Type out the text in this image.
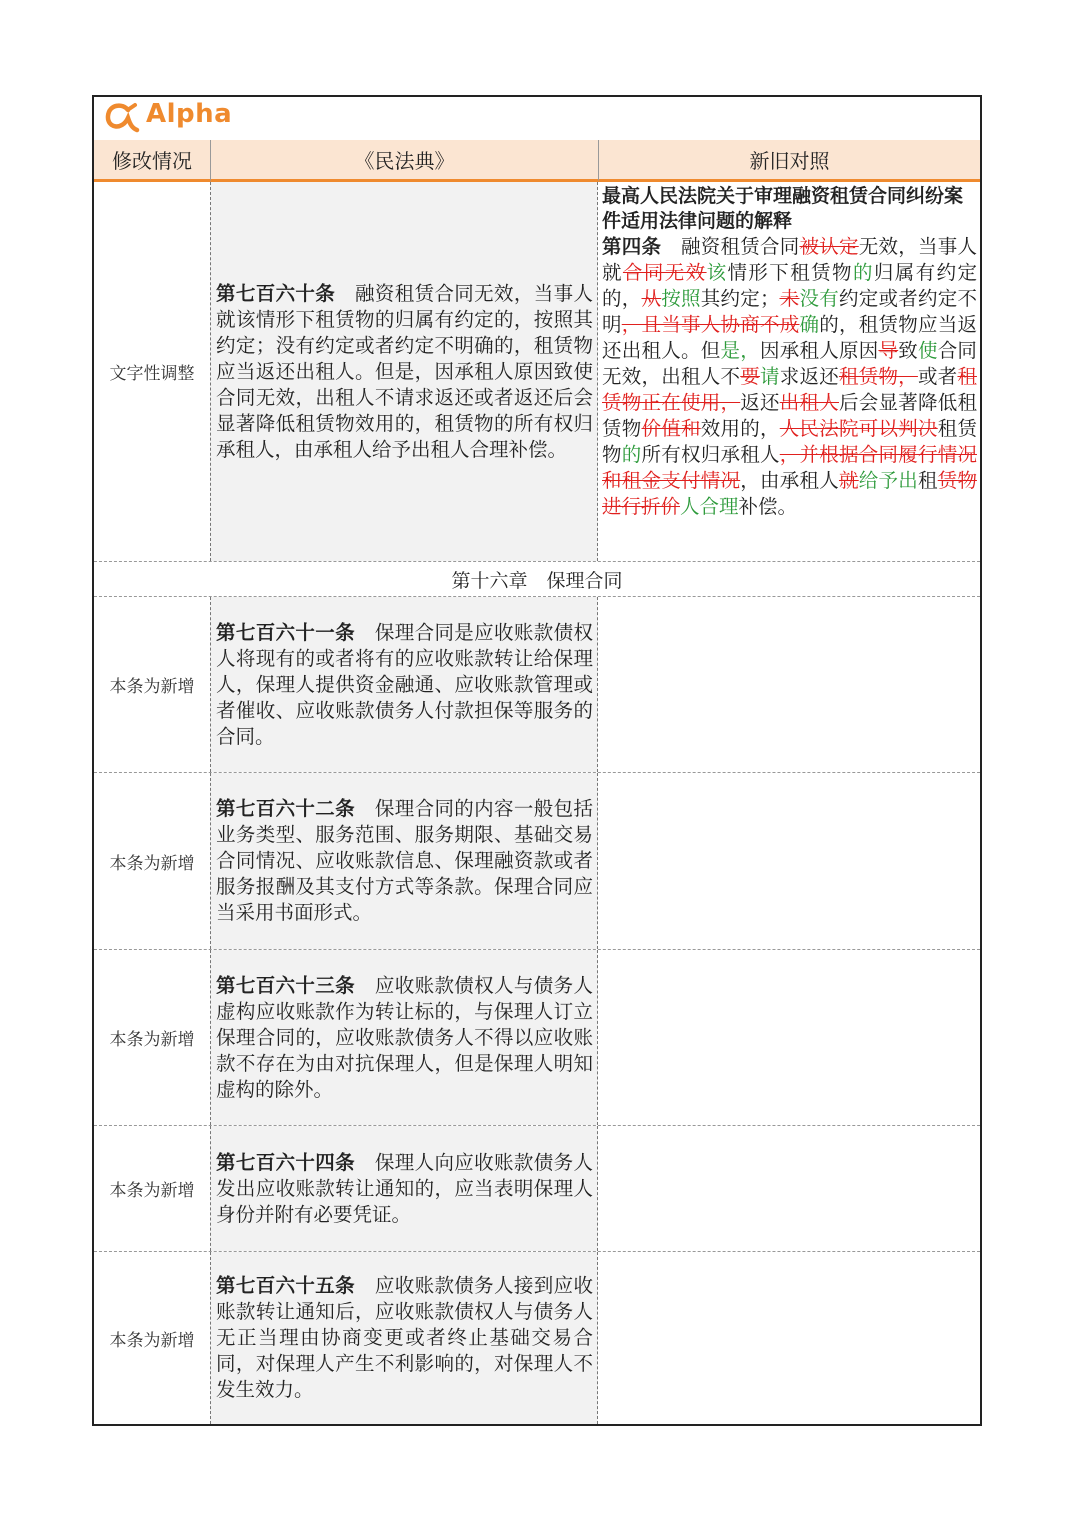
Alpha
修改情况	《民法典》	新旧对照
文字性调整
第七百六十条　 融资租赁合同无效，当事人就该情形下租赁物的归属有约定的，按照其约定；没有约定或者约定不明确的，租赁物应当返还出租人。但是，因承租人原因致使合同无效，出租人不请求返还或者返还后会显著降低租赁物效用的，租赁物的所有权归承租人，由承租人给予出租人合理补偿。
最高人民法院关于审理融资租赁合同纠纷案件适用法律问题的解释
第四条　融资租赁合同被认定无效，当事人就合同无效该情形下租赁物的归属有约定的，从按照其约定；未没有约定或者约定不明，且当事人协商不成确的，租赁物应当返还出租人。但是，因承租人原因导致使合同无效，出租人不要请求返还租赁物，或者租赁物正在使用，返还出租人后会显著降低租赁物价值和效用的，人民法院可以判决租赁物的所有权归承租人，并根据合同履行情况和租金支付情况，由承租人就给予出租赁物进行折价人合理补偿。
第十六章　保理合同
本条为新增
第七百六十一条　 保理合同是应收账款债权人将现有的或者将有的应收账款转让给保理人，保理人提供资金融通、应收账款管理或者催收、应收账款债务人付款担保等服务的合同。
本条为新增
第七百六十二条　 保理合同的内容一般包括业务类型、服务范围、服务期限、基础交易合同情况、应收账款信息、保理融资款或者服务报酬及其支付方式等条款。保理合同应当采用书面形式。
本条为新增
第七百六十三条　 应收账款债权人与债务人虚构应收账款作为转让标的，与保理人订立保理合同的，应收账款债务人不得以应收账款不存在为由对抗保理人，但是保理人明知虚构的除外。
本条为新增
第七百六十四条　 保理人向应收账款债务人发出应收账款转让通知的，应当表明保理人身份并附有必要凭证。
本条为新增
第七百六十五条　 应收账款债务人接到应收账款转让通知后，应收账款债权人与债务人无正当理由协商变更或者终止基础交易合同，对保理人产生不利影响的，对保理人不发生效力。
